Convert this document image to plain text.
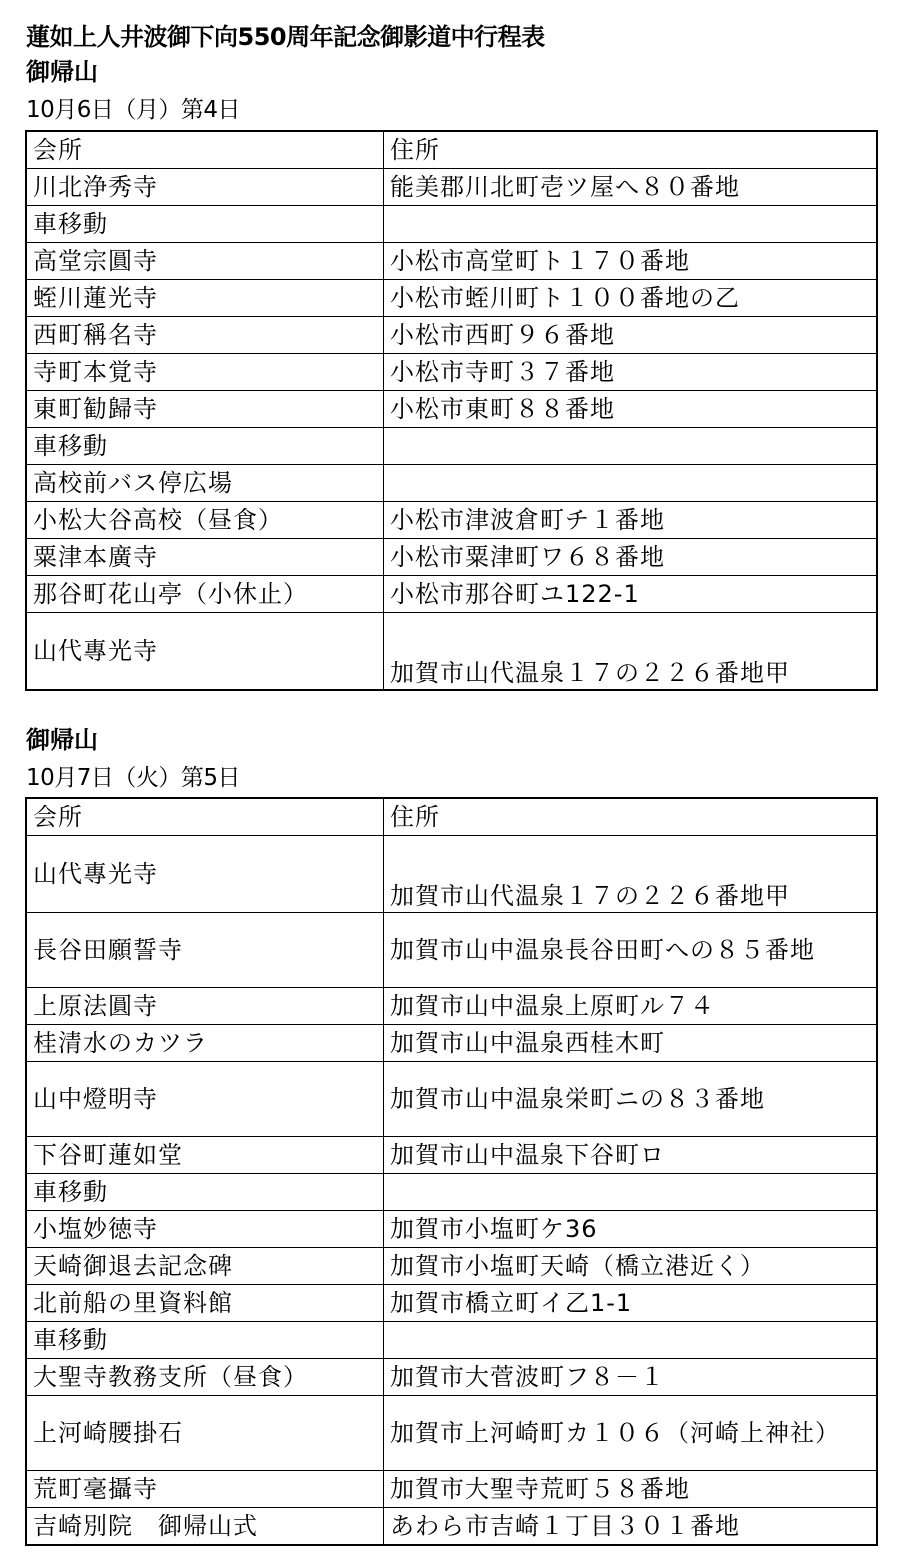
蓮如上人井波御下向550周年記念御影道中行程表
御帰山
10月6日（月）第4日
会所	住所
川北浄秀寺	能美郡川北町壱ツ屋へ８０番地
車移動	
高堂宗圓寺	小松市高堂町ト１７０番地
蛭川蓮光寺	小松市蛭川町ト１００番地の乙
西町稱名寺	小松市西町９６番地
寺町本覚寺	小松市寺町３７番地
東町勧歸寺	小松市東町８８番地
車移動	
高校前バス停広場	
小松大谷高校（昼食）	小松市津波倉町チ１番地
粟津本廣寺	小松市粟津町ワ６８番地
那谷町花山亭（小休止）	小松市那谷町ユ122-1
山代專光寺	加賀市山代温泉１７の２２６番地甲
御帰山
10月7日（火）第5日
会所	住所
山代專光寺	加賀市山代温泉１７の２２６番地甲
長谷田願誓寺	加賀市山中温泉長谷田町への８５番地
上原法圓寺	加賀市山中温泉上原町ル７４
桂清水のカツラ	加賀市山中温泉西桂木町
山中燈明寺	加賀市山中温泉栄町ニの８３番地
下谷町蓮如堂	加賀市山中温泉下谷町ロ
車移動	
小塩妙徳寺	加賀市小塩町ケ36
天崎御退去記念碑	加賀市小塩町天崎（橋立港近く）
北前船の里資料館	加賀市橋立町イ乙1-1
車移動	
大聖寺教務支所（昼食）	加賀市大菅波町フ８－１
上河崎腰掛石	加賀市上河崎町カ１０６（河崎上神社）
荒町毫攝寺	加賀市大聖寺荒町５８番地
吉崎別院　御帰山式	あわら市吉崎１丁目３０１番地
